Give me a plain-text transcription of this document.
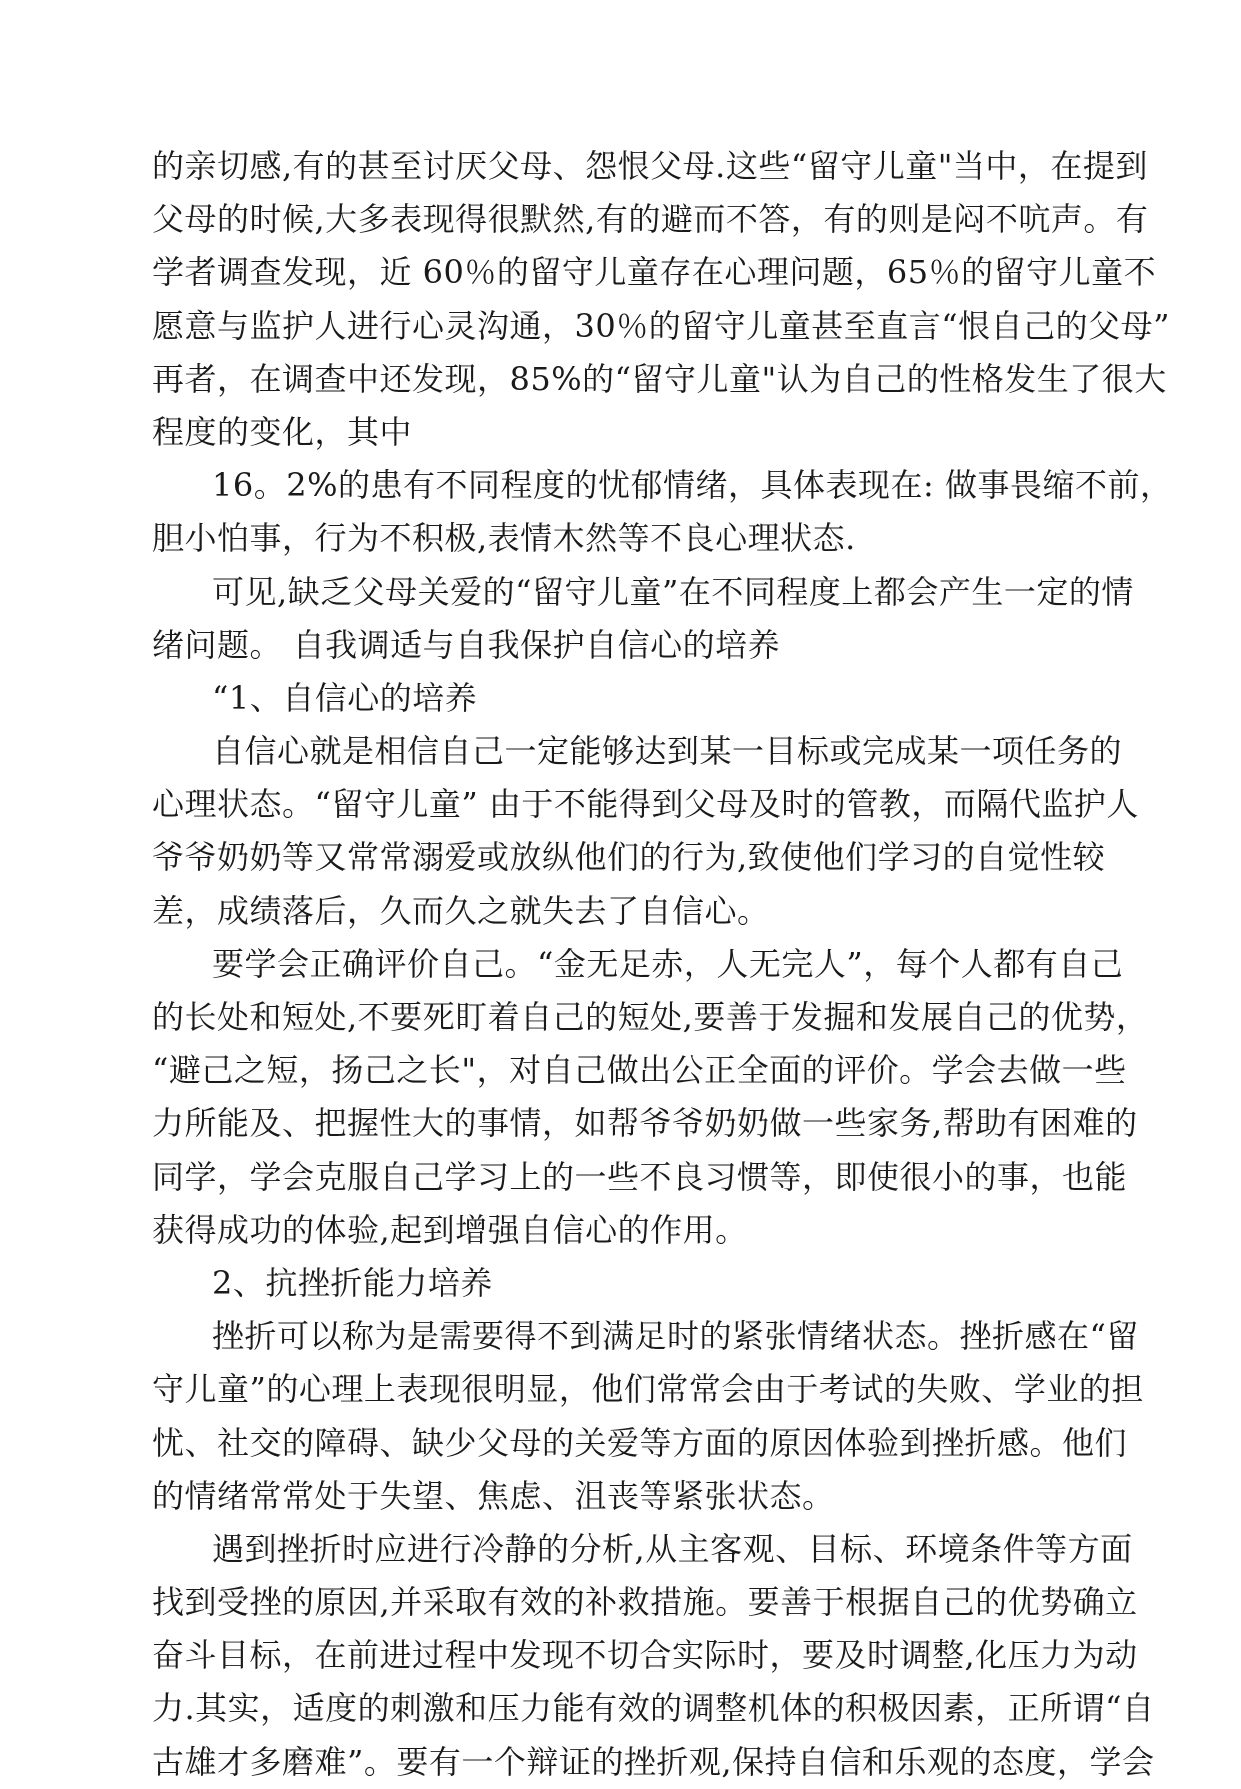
的亲切感,有的甚至讨厌父母、怨恨父母.这些“留守儿童"当中，在提到
父母的时候,大多表现得很默然,有的避而不答，有的则是闷不吭声。有
学者调查发现，近 60％的留守儿童存在心理问题，65％的留守儿童不
愿意与监护人进行心灵沟通，30％的留守儿童甚至直言“恨自己的父母”
再者，在调查中还发现，85%的“留守儿童"认为自己的性格发生了很大
程度的变化，其中
16。2%的患有不同程度的忧郁情绪，具体表现在: 做事畏缩不前，
胆小怕事，行为不积极,表情木然等不良心理状态.
可见,缺乏父母关爱的“留守儿童”在不同程度上都会产生一定的情
绪问题。 自我调适与自我保护自信心的培养
“1、自信心的培养
自信心就是相信自己一定能够达到某一目标或完成某一项任务的
心理状态。“留守儿童” 由于不能得到父母及时的管教，而隔代监护人
爷爷奶奶等又常常溺爱或放纵他们的行为,致使他们学习的自觉性较
差，成绩落后，久而久之就失去了自信心。
要学会正确评价自己。“金无足赤，人无完人”，每个人都有自己
的长处和短处,不要死盯着自己的短处,要善于发掘和发展自己的优势，
“避己之短，扬己之长"，对自己做出公正全面的评价。学会去做一些
力所能及、把握性大的事情，如帮爷爷奶奶做一些家务,帮助有困难的
同学，学会克服自己学习上的一些不良习惯等，即使很小的事，也能
获得成功的体验,起到增强自信心的作用。
2、抗挫折能力培养
挫折可以称为是需要得不到满足时的紧张情绪状态。挫折感在“留
守儿童”的心理上表现很明显，他们常常会由于考试的失败、学业的担
忧、社交的障碍、缺少父母的关爱等方面的原因体验到挫折感。他们
的情绪常常处于失望、焦虑、沮丧等紧张状态。
遇到挫折时应进行冷静的分析,从主客观、目标、环境条件等方面
找到受挫的原因,并采取有效的补救措施。要善于根据自己的优势确立
奋斗目标，在前进过程中发现不切合实际时，要及时调整,化压力为动
力.其实，适度的刺激和压力能有效的调整机体的积极因素，正所谓“自
古雄才多磨难”。要有一个辩证的挫折观,保持自信和乐观的态度，学会
